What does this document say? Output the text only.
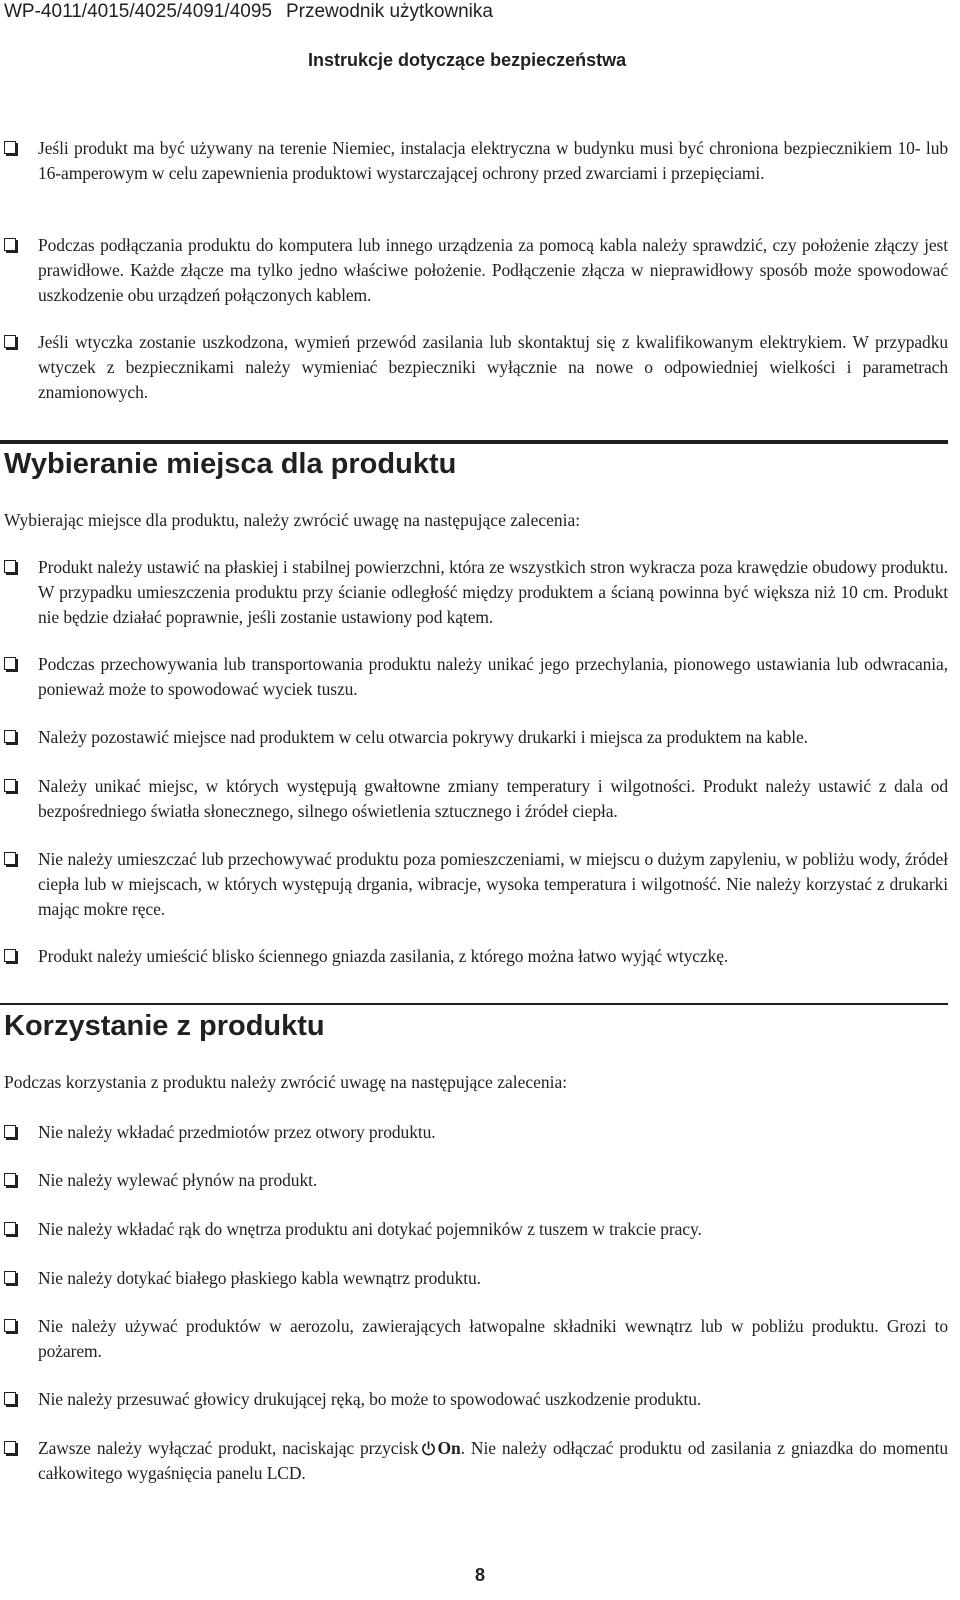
WP-4011/4015/4025/4091/4095 Przewodnik użytkownika
Instrukcje dotyczące bezpieczeństwa
Jeśli produkt ma być używany na terenie Niemiec, instalacja elektryczna w budynku musi być chroniona bezpiecznikiem 10- lub 16-amperowym w celu zapewnienia produktowi wystarczającej ochrony przed zwarciami i przepięciami.
Podczas podłączania produktu do komputera lub innego urządzenia za pomocą kabla należy sprawdzić, czy położenie złączy jest prawidłowe. Każde złącze ma tylko jedno właściwe położenie. Podłączenie złącza w nieprawidłowy sposób może spowodować uszkodzenie obu urządzeń połączonych kablem.
Jeśli wtyczka zostanie uszkodzona, wymień przewód zasilania lub skontaktuj się z kwalifikowanym elektrykiem. W przypadku wtyczek z bezpiecznikami należy wymieniać bezpieczniki wyłącznie na nowe o odpowiedniej wielkości i parametrach znamionowych.
Wybieranie miejsca dla produktu
Wybierając miejsce dla produktu, należy zwrócić uwagę na następujące zalecenia:
Produkt należy ustawić na płaskiej i stabilnej powierzchni, która ze wszystkich stron wykracza poza krawędzie obudowy produktu. W przypadku umieszczenia produktu przy ścianie odległość między produktem a ścianą powinna być większa niż 10 cm. Produkt nie będzie działać poprawnie, jeśli zostanie ustawiony pod kątem.
Podczas przechowywania lub transportowania produktu należy unikać jego przechylania, pionowego ustawiania lub odwracania, ponieważ może to spowodować wyciek tuszu.
Należy pozostawić miejsce nad produktem w celu otwarcia pokrywy drukarki i miejsca za produktem na kable.
Należy unikać miejsc, w których występują gwałtowne zmiany temperatury i wilgotności. Produkt należy ustawić z dala od bezpośredniego światła słonecznego, silnego oświetlenia sztucznego i źródeł ciepła.
Nie należy umieszczać lub przechowywać produktu poza pomieszczeniami, w miejscu o dużym zapyleniu, w pobliżu wody, źródeł ciepła lub w miejscach, w których występują drgania, wibracje, wysoka temperatura i wilgotność. Nie należy korzystać z drukarki mając mokre ręce.
Produkt należy umieścić blisko ściennego gniazda zasilania, z którego można łatwo wyjąć wtyczkę.
Korzystanie z produktu
Podczas korzystania z produktu należy zwrócić uwagę na następujące zalecenia:
Nie należy wkładać przedmiotów przez otwory produktu.
Nie należy wylewać płynów na produkt.
Nie należy wkładać rąk do wnętrza produktu ani dotykać pojemników z tuszem w trakcie pracy.
Nie należy dotykać białego płaskiego kabla wewnątrz produktu.
Nie należy używać produktów w aerozolu, zawierających łatwopalne składniki wewnątrz lub w pobliżu produktu. Grozi to pożarem.
Nie należy przesuwać głowicy drukującej ręką, bo może to spowodować uszkodzenie produktu.
Zawsze należy wyłączać produkt, naciskając przycisk On. Nie należy odłączać produktu od zasilania z gniazdka do momentu całkowitego wygaśnięcia panelu LCD.
8
